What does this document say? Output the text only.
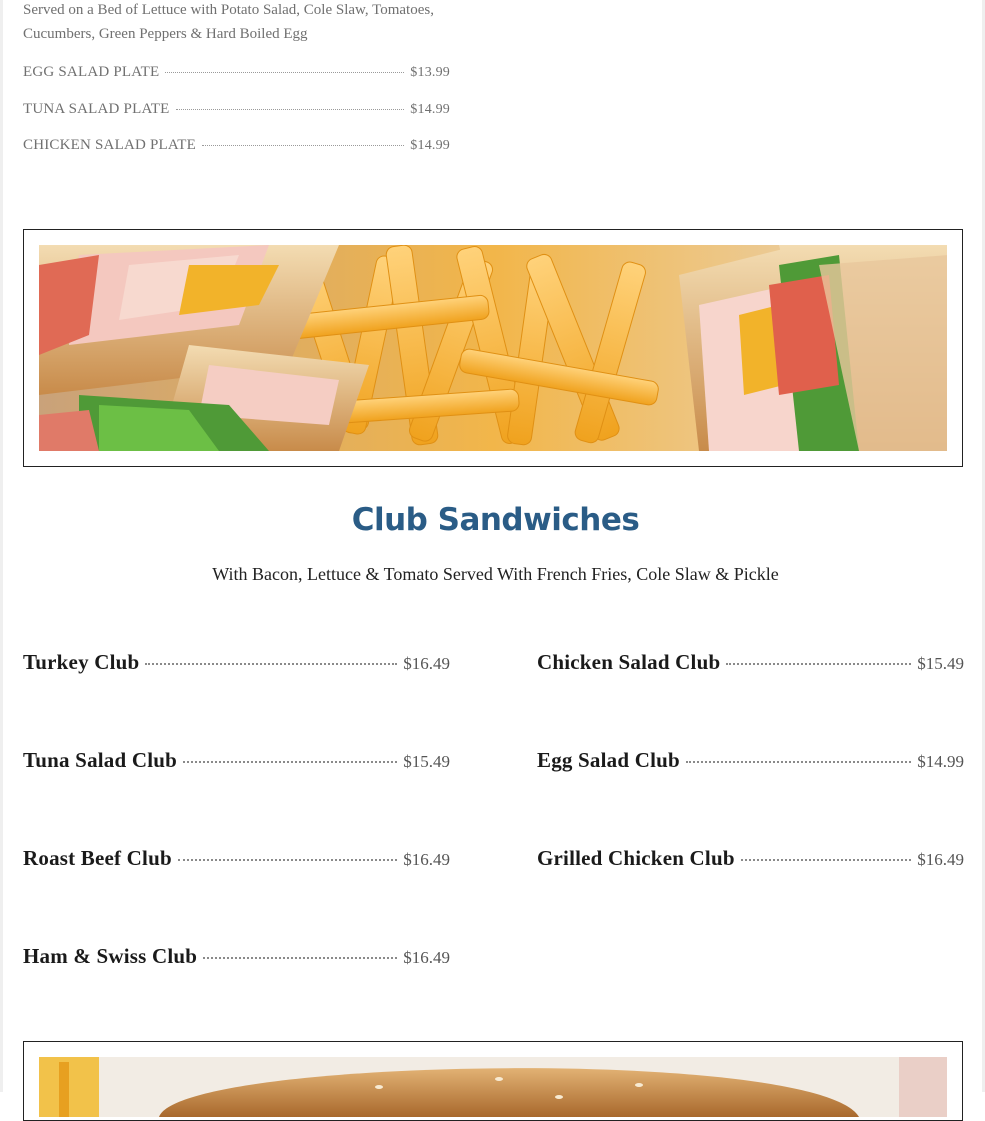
Served on a Bed of Lettuce with Potato Salad, Cole Slaw, Tomatoes,
Cucumbers, Green Peppers & Hard Boiled Egg
EGG SALAD PLATE	$13.99
TUNA SALAD PLATE	$14.99
CHICKEN SALAD PLATE	$14.99
Club Sandwiches
With Bacon, Lettuce & Tomato Served With French Fries, Cole Slaw & Pickle
Turkey Club	$16.49
Tuna Salad Club	$15.49
Roast Beef Club	$16.49
Ham & Swiss Club	$16.49
Chicken Salad Club	$15.49
Egg Salad Club	$14.99
Grilled Chicken Club	$16.49
